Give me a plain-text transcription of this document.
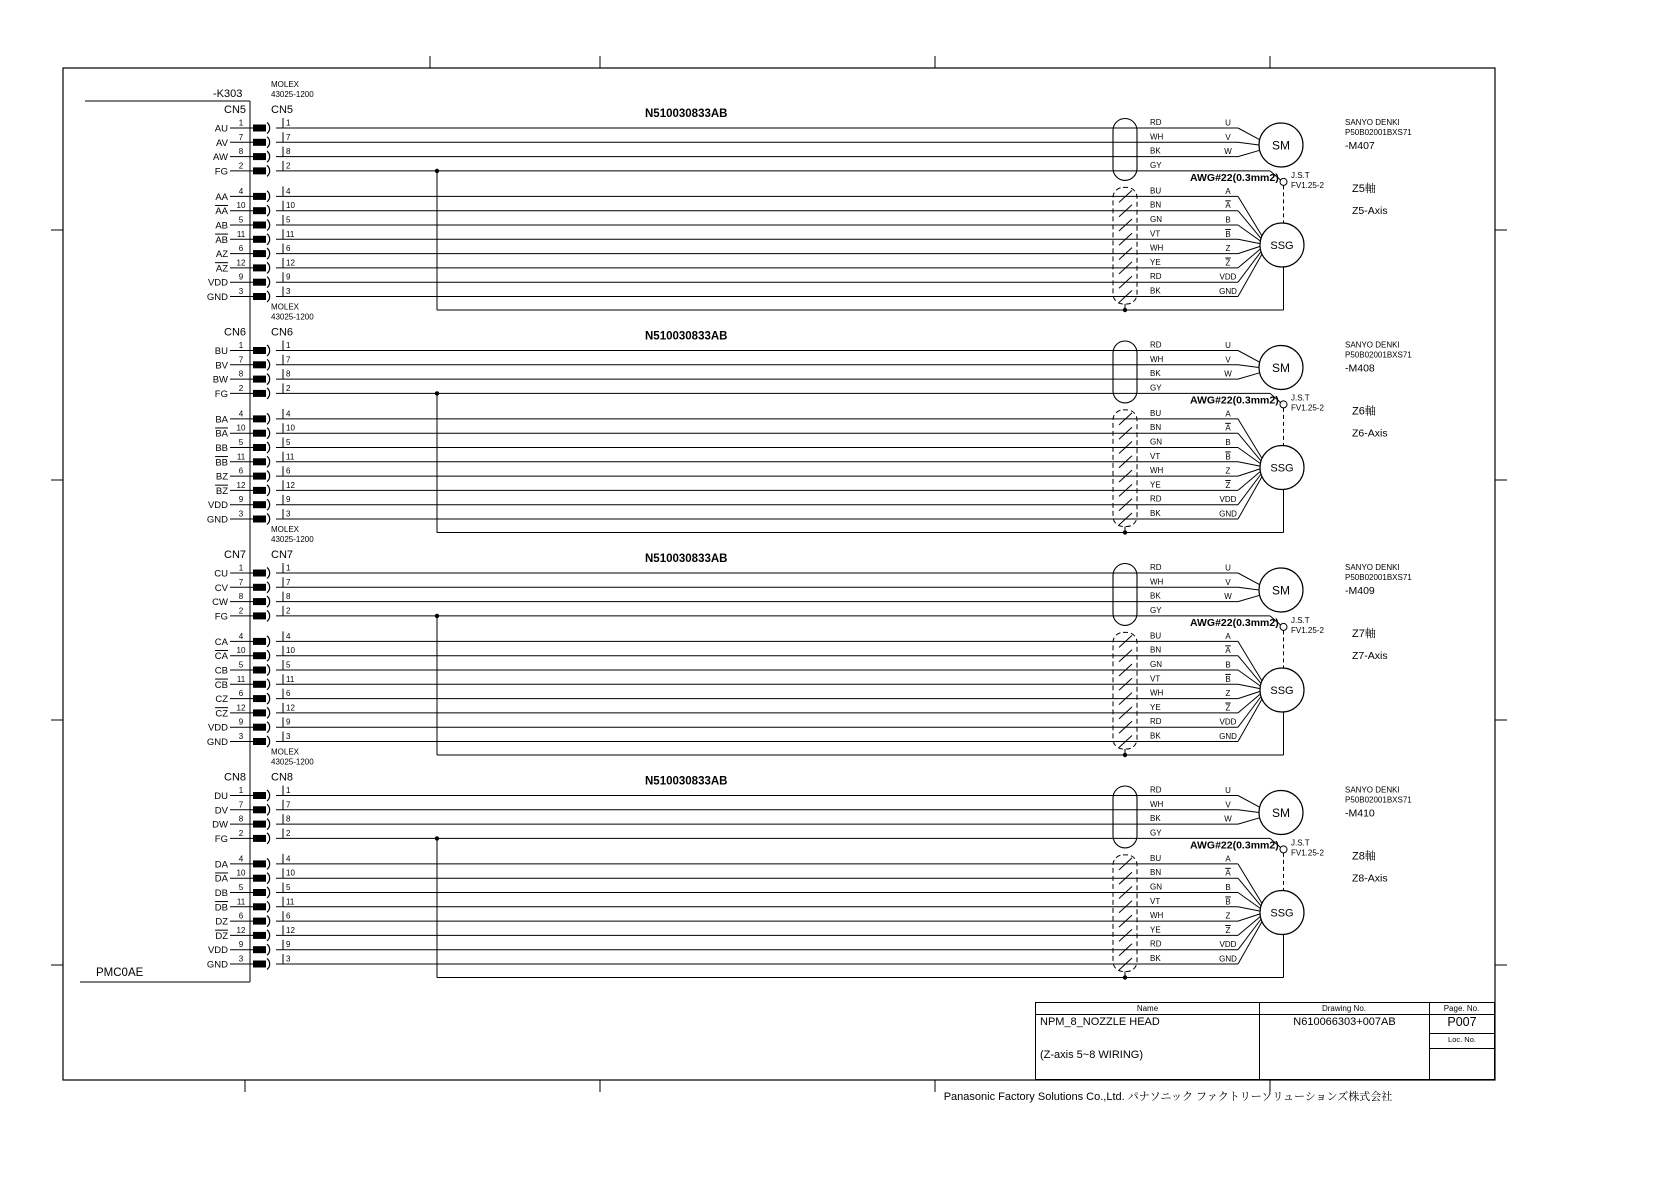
-K303
PMC0AE
MOLEX
43025-1200
CN5 CN5	N510030833AB
AWG#22(0.3mm2)
AU
1	1	RD	U
AV
7	7	WH	V
AW
8	8	BK	W
FG
2	2	GY
AA
4	4	BU	A
AA
10	10	BN	A
AB
5	5	GN	B
AB
11	11	VT	B
AZ
6	6	WH	Z
AZ
12	12	YE	Z
VDD
9	9	RD	VDD
GND
3	3	BK	GND
J.S.T
FV1.25-2
SM
SSG
SANYO DENKI
P50B02001BXS71
-M407
Z5軸
Z5-Axis
MOLEX
43025-1200
CN6 CN6	N510030833AB
AWG#22(0.3mm2)
BU
1	1	RD	U
BV
7	7	WH	V
BW
8	8	BK	W
FG
2	2	GY
BA
4	4	BU	A
BA
10	10	BN	A
BB
5	5	GN	B
BB
11	11	VT	B
BZ
6	6	WH	Z
BZ
12	12	YE	Z
VDD
9	9	RD	VDD
GND
3	3	BK	GND
J.S.T
FV1.25-2
SM
SSG
SANYO DENKI
P50B02001BXS71
-M408
Z6軸
Z6-Axis
MOLEX
43025-1200
CN7 CN7	N510030833AB
AWG#22(0.3mm2)
CU
1	1	RD	U
CV
7	7	WH	V
CW
8	8	BK	W
FG
2	2	GY
CA
4	4	BU	A
CA
10	10	BN	A
CB
5	5	GN	B
CB
11	11	VT	B
CZ
6	6	WH	Z
CZ
12	12	YE	Z
VDD
9	9	RD	VDD
GND
3	3	BK	GND
J.S.T
FV1.25-2
SM
SSG
SANYO DENKI
P50B02001BXS71
-M409
Z7軸
Z7-Axis
MOLEX
43025-1200
CN8 CN8	N510030833AB
AWG#22(0.3mm2)
DU
1	1	RD	U
DV
7	7	WH	V
DW
8	8	BK	W
FG
2	2	GY
DA
4	4	BU	A
DA
10	10	BN	A
DB
5	5	GN	B
DB
11	11	VT	B
DZ
6	6	WH	Z
DZ
12	12	YE	Z
VDD
9	9	RD	VDD
GND
3	3	BK	GND
J.S.T
FV1.25-2
SM
SSG
SANYO DENKI
P50B02001BXS71
-M410
Z8軸
Z8-Axis
Name	Drawing No.	Page. No.
NPM_8_NOZZLE HEAD
(Z-axis 5~8 WIRING)
N610066303+007AB	P007
Loc. No.
Panasonic Factory Solutions Co.,Ltd. パナソニック ファクトリーソリューションズ株式会社
